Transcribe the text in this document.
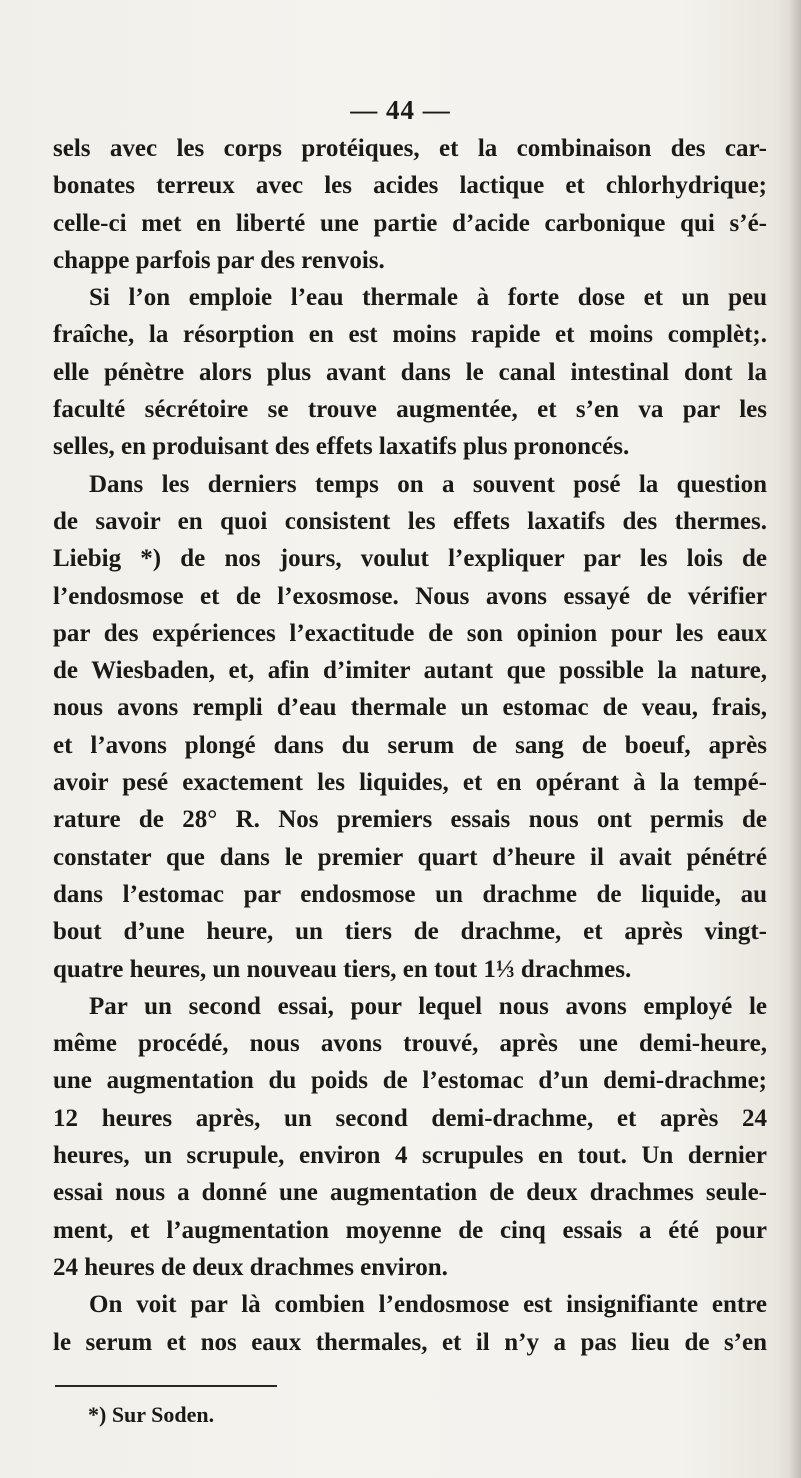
— 44 —
sels avec les corps protéiques, et la combinaison des car-
bonates terreux avec les acides lactique et chlorhydrique;
celle-ci met en liberté une partie d’acide carbonique qui s’é-
chappe parfois par des renvois.
Si l’on emploie l’eau thermale à forte dose et un peu
fraîche, la résorption en est moins rapide et moins complèt;.
elle pénètre alors plus avant dans le canal intestinal dont la
faculté sécrétoire se trouve augmentée, et s’en va par les
selles, en produisant des effets laxatifs plus prononcés.
Dans les derniers temps on a souvent posé la question
de savoir en quoi consistent les effets laxatifs des thermes.
Liebig *) de nos jours, voulut l’expliquer par les lois de
l’endosmose et de l’exosmose. Nous avons essayé de vérifier
par des expériences l’exactitude de son opinion pour les eaux
de Wiesbaden, et, afin d’imiter autant que possible la nature,
nous avons rempli d’eau thermale un estomac de veau, frais,
et l’avons plongé dans du serum de sang de boeuf, après
avoir pesé exactement les liquides, et en opérant à la tempé-
rature de 28° R. Nos premiers essais nous ont permis de
constater que dans le premier quart d’heure il avait pénétré
dans l’estomac par endosmose un drachme de liquide, au
bout d’une heure, un tiers de drachme, et après vingt-
quatre heures, un nouveau tiers, en tout 1⅓ drachmes.
Par un second essai, pour lequel nous avons employé le
même procédé, nous avons trouvé, après une demi-heure,
une augmentation du poids de l’estomac d’un demi-drachme;
12 heures après, un second demi-drachme, et après 24
heures, un scrupule, environ 4 scrupules en tout. Un dernier
essai nous a donné une augmentation de deux drachmes seule-
ment, et l’augmentation moyenne de cinq essais a été pour
24 heures de deux drachmes environ.
On voit par là combien l’endosmose est insignifiante entre
le serum et nos eaux thermales, et il n’y a pas lieu de s’en
*) Sur Soden.
